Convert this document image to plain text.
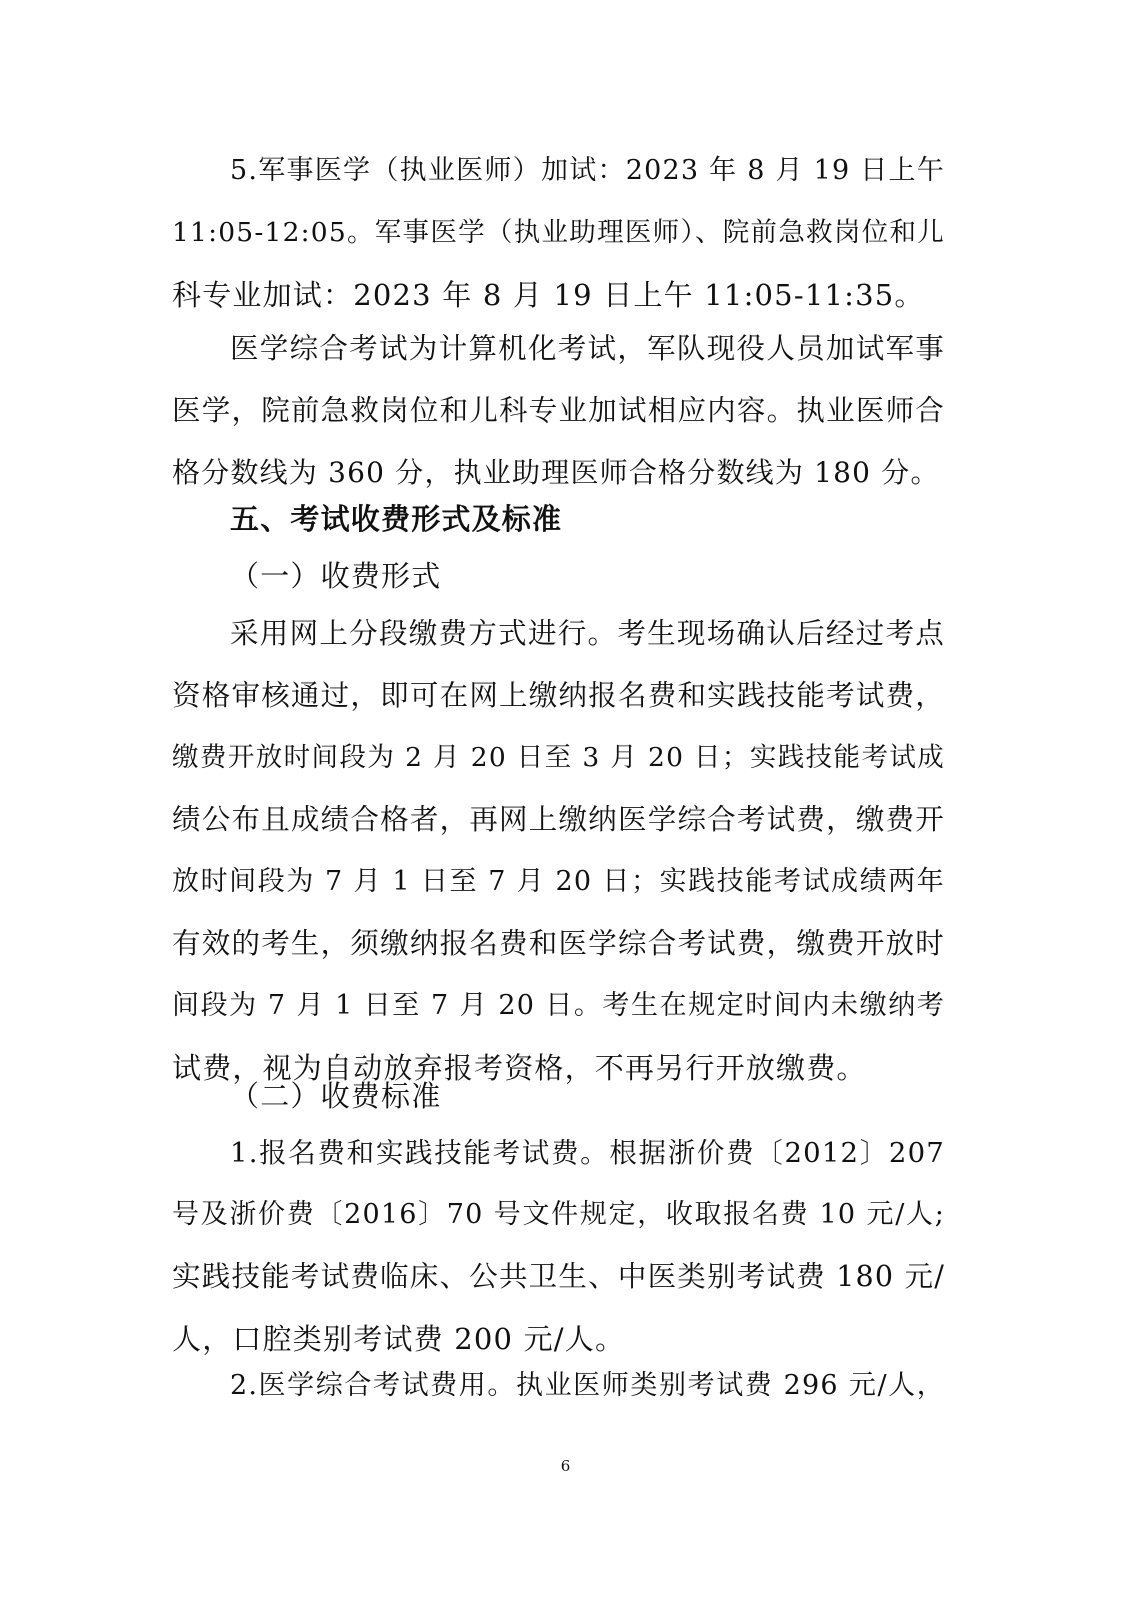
5.军事医学（执业医师）加试：2023 年 8 月 19 日上午
11:05-12:05。军事医学（执业助理医师）、院前急救岗位和儿
科专业加试：2023 年 8 月 19 日上午 11:05-11:35。
医学综合考试为计算机化考试，军队现役人员加试军事
医学，院前急救岗位和儿科专业加试相应内容。执业医师合
格分数线为 360 分，执业助理医师合格分数线为 180 分。
五、考试收费形式及标准
（一）收费形式
采用网上分段缴费方式进行。考生现场确认后经过考点
资格审核通过，即可在网上缴纳报名费和实践技能考试费，
缴费开放时间段为 2 月 20 日至 3 月 20 日；实践技能考试成
绩公布且成绩合格者，再网上缴纳医学综合考试费，缴费开
放时间段为 7 月 1 日至 7 月 20 日；实践技能考试成绩两年
有效的考生，须缴纳报名费和医学综合考试费，缴费开放时
间段为 7 月 1 日至 7 月 20 日。考生在规定时间内未缴纳考
试费，视为自动放弃报考资格，不再另行开放缴费。
（二）收费标准
1.报名费和实践技能考试费。根据浙价费〔2012〕207
号及浙价费〔2016〕70 号文件规定，收取报名费 10 元/人;
实践技能考试费临床、公共卫生、中医类别考试费 180 元/
人，口腔类别考试费 200 元/人。
2.医学综合考试费用。执业医师类别考试费 296 元/人，
6
